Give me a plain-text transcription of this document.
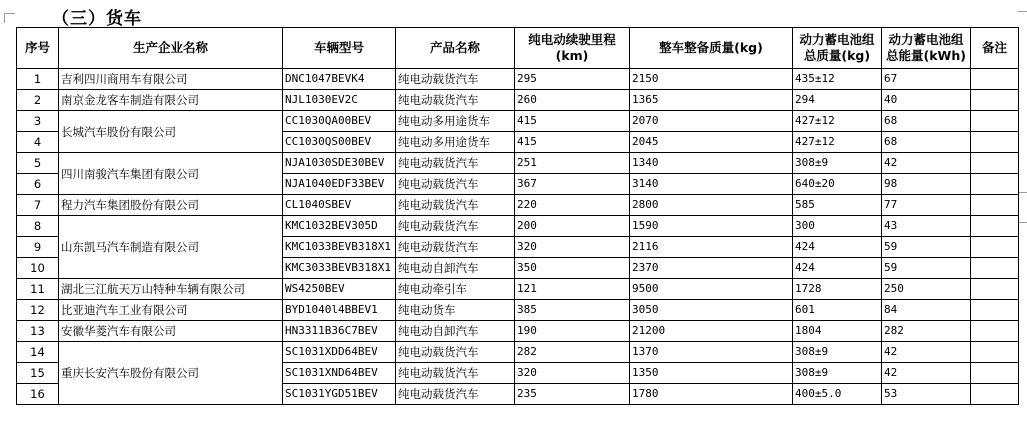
（三）货车
序号	生产企业名称	车辆型号	产品名称	纯电动续驶里程(km)	整车整备质量(kg)	动力蓄电池组总质量(kg)	动力蓄电池组总能量(kWh)	备注
1	吉利四川商用车有限公司	DNC1047BEVK4	纯电动载货汽车	295	2150	435±12	67	
2	南京金龙客车制造有限公司	NJL1030EV2C	纯电动载货汽车	260	1365	294	40	
3	长城汽车股份有限公司	CC1030QA00BEV	纯电动多用途货车	415	2070	427±12	68	
4		CC1030QS00BEV	纯电动多用途货车	415	2045	427±12	68	
5	四川南骏汽车集团有限公司	NJA1030SDE30BEV	纯电动载货汽车	251	1340	308±9	42	
6		NJA1040EDF33BEV	纯电动载货汽车	367	3140	640±20	98	
7	程力汽车集团股份有限公司	CL1040SBEV	纯电动载货汽车	220	2800	585	77	
8	山东凯马汽车制造有限公司	KMC1032BEV305D	纯电动载货汽车	200	1590	300	43	
9		KMC1033BEVB318X1	纯电动载货汽车	320	2116	424	59	
10		KMC3033BEVB318X1	纯电动自卸汽车	350	2370	424	59	
11	湖北三江航天万山特种车辆有限公司	WS4250BEV	纯电动牵引车	121	9500	1728	250	
12	比亚迪汽车工业有限公司	BYD1040l4BBEV1	纯电动货车	385	3050	601	84	
13	安徽华菱汽车有限公司	HN3311B36C7BEV	纯电动自卸汽车	190	21200	1804	282	
14	重庆长安汽车股份有限公司	SC1031XDD64BEV	纯电动载货汽车	282	1370	308±9	42	
15		SC1031XND64BEV	纯电动载货汽车	320	1350	308±9	42	
16		SC1031YGD51BEV	纯电动载货汽车	235	1780	400±5.0	53	
